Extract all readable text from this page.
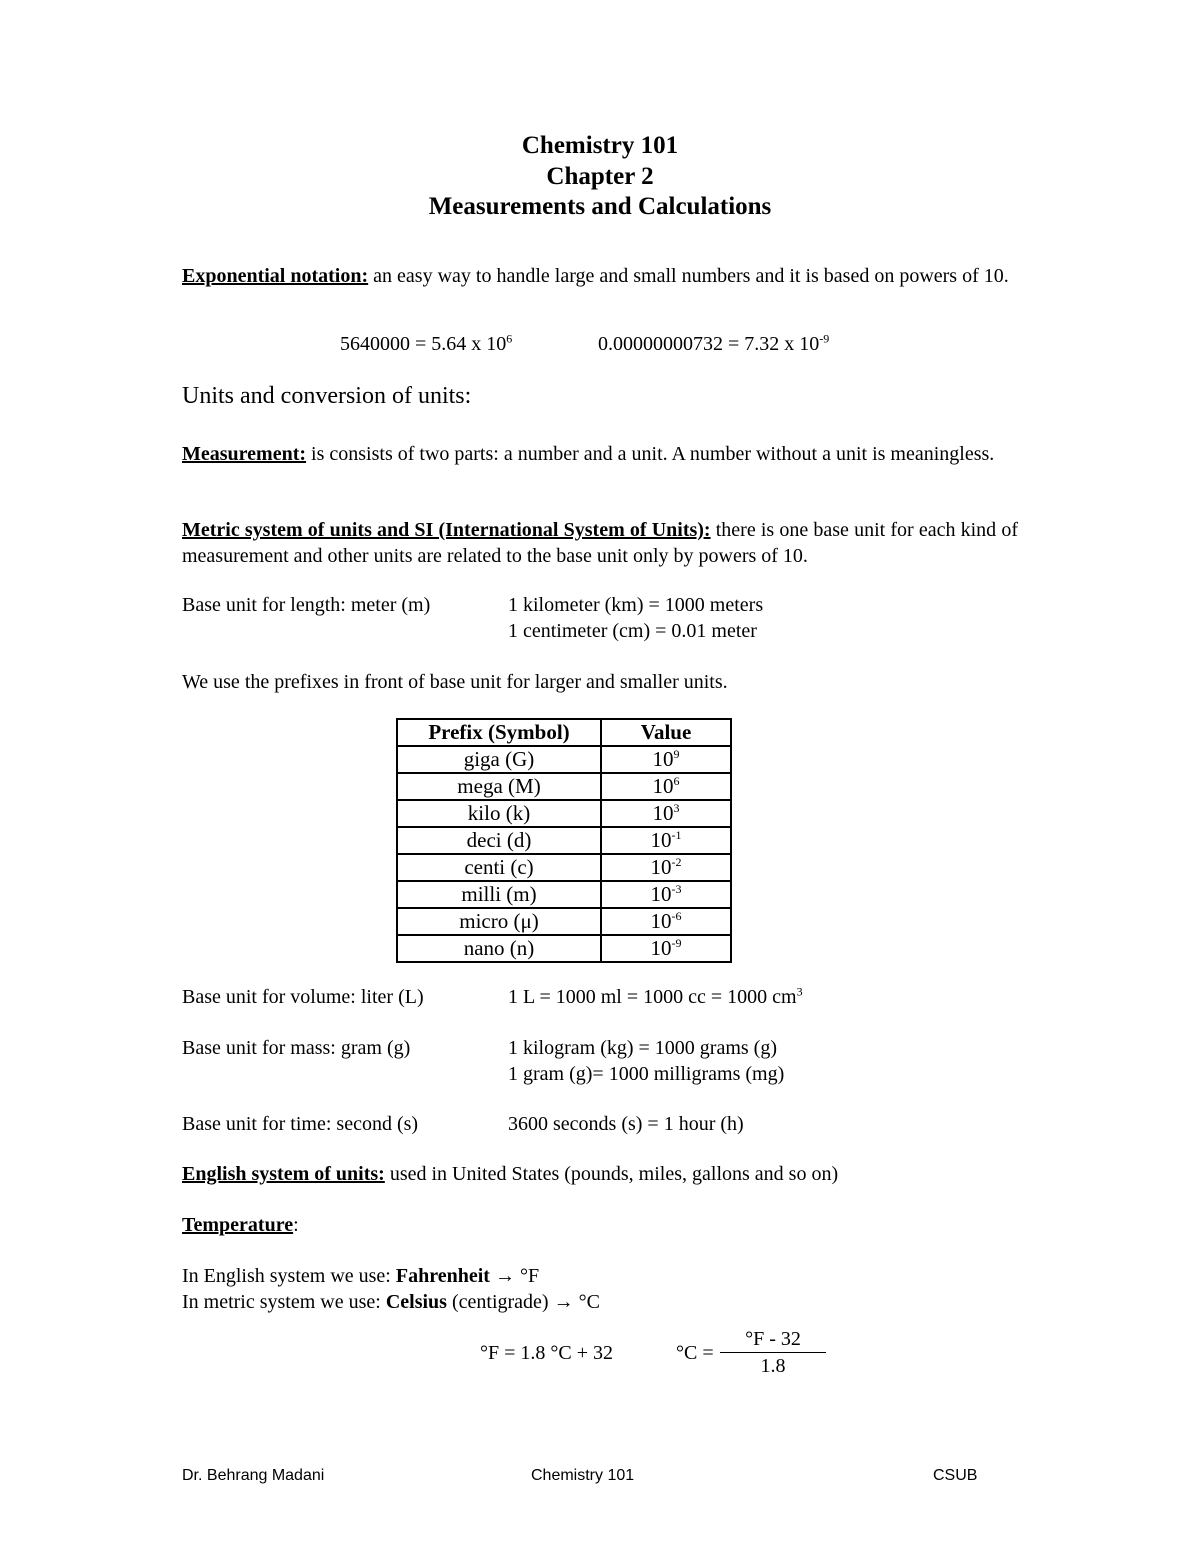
Chemistry 101
Chapter 2
Measurements and Calculations
Exponential notation: an easy way to handle large and small numbers and it is based on powers of 10.
5640000 = 5.64 x $10^6$	0.00000000732 = 7.32 x $10^{-9}$
Units and conversion of units:
Measurement: is consists of two parts: a number and a unit. A number without a unit is meaningless.
Metric system of units and SI (International System of Units): there is one base unit for each kind of measurement and other units are related to the base unit only by powers of 10.
Base unit for length: meter (m)	1 kilometer (km) = 1000 meters
1 centimeter (cm) = 0.01 meter
We use the prefixes in front of base unit for larger and smaller units.
Prefix (Symbol)	Value
giga (G)	$10^9$
mega (M)	$10^6$
kilo (k)	$10^3$
deci (d)	$10^{-1}$
centi (c)	$10^{-2}$
milli (m)	$10^{-3}$
micro (μ)	$10^{-6}$
nano (n)	$10^{-9}$
Base unit for volume: liter (L)	1 L = 1000 ml = 1000 cc = 1000 $cm^3$
Base unit for mass: gram (g)	1 kilogram (kg) = 1000 grams (g)
1 gram (g)= 1000 milligrams (mg)
Base unit for time: second (s)	3600 seconds (s) = 1 hour (h)
English system of units: used in United States (pounds, miles, gallons and so on)
Temperature:
In English system we use: Fahrenheit → °F
In metric system we use: Celsius (centigrade) → °C
°F = 1.8 °C + 32	°C =
°F - 32
1.8
Dr. Behrang Madani	Chemistry 101	CSUB
